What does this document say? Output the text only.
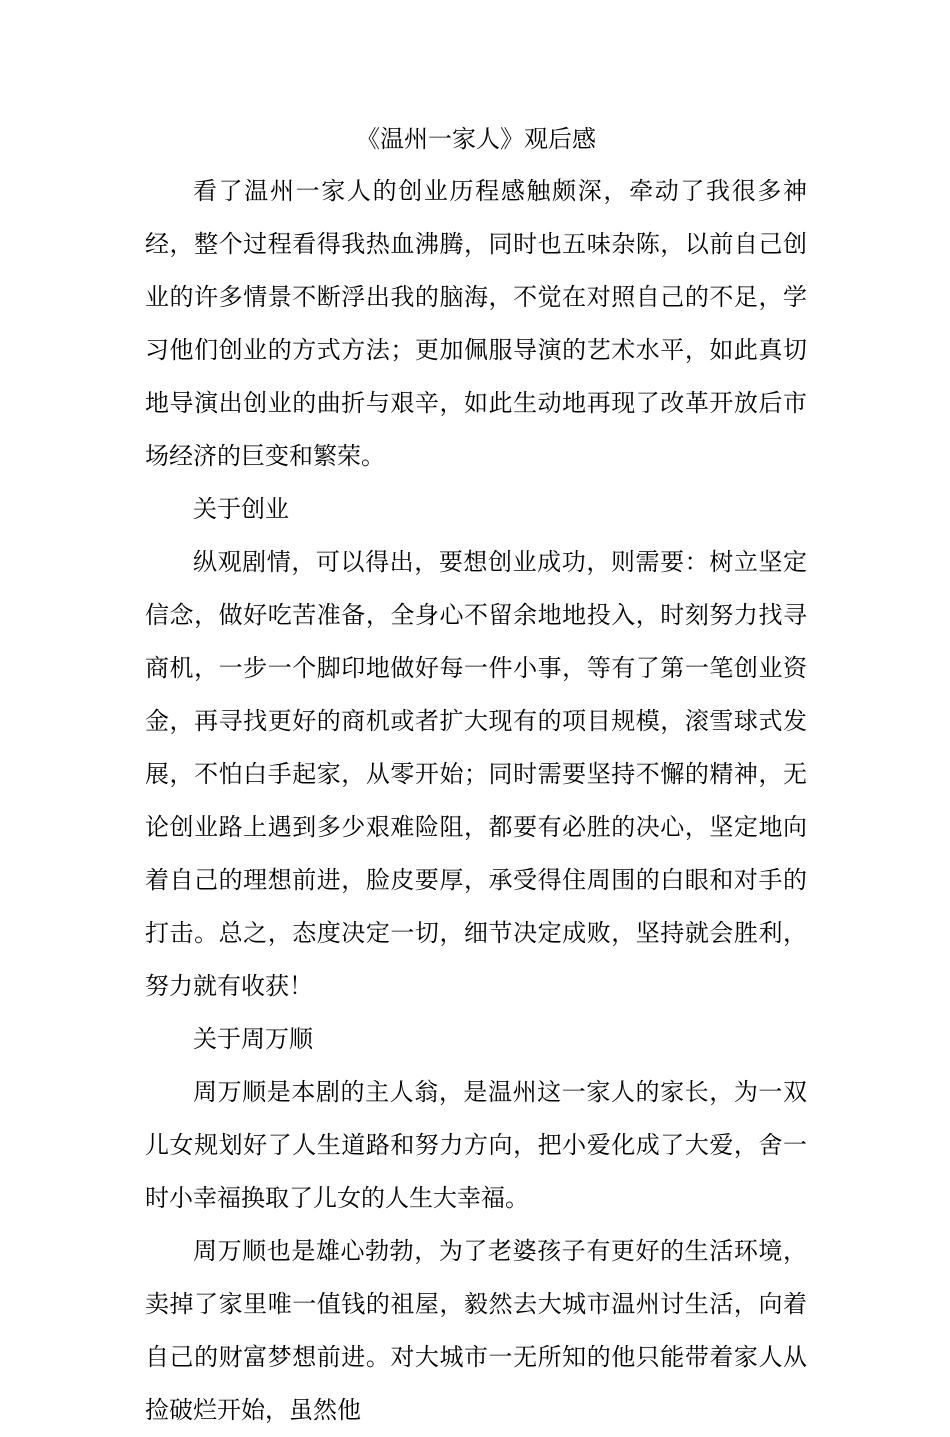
《温州一家人》观后感

看了温州一家人的创业历程感触颇深，牵动了我很多神经，整个过程看得我热血沸腾，同时也五味杂陈，以前自己创业的许多情景不断浮出我的脑海，不觉在对照自己的不足，学习他们创业的方式方法；更加佩服导演的艺术水平，如此真切地导演出创业的曲折与艰辛，如此生动地再现了改革开放后市场经济的巨变和繁荣。

关于创业

纵观剧情，可以得出，要想创业成功，则需要：树立坚定信念，做好吃苦准备，全身心不留余地地投入，时刻努力找寻商机，一步一个脚印地做好每一件小事，等有了第一笔创业资金，再寻找更好的商机或者扩大现有的项目规模，滚雪球式发展，不怕白手起家，从零开始；同时需要坚持不懈的精神，无论创业路上遇到多少艰难险阻，都要有必胜的决心，坚定地向着自己的理想前进，脸皮要厚，承受得住周围的白眼和对手的打击。总之，态度决定一切，细节决定成败，坚持就会胜利，努力就有收获！

关于周万顺

周万顺是本剧的主人翁，是温州这一家人的家长，为一双儿女规划好了人生道路和努力方向，把小爱化成了大爱，舍一时小幸福换取了儿女的人生大幸福。

周万顺也是雄心勃勃，为了老婆孩子有更好的生活环境，卖掉了家里唯一值钱的祖屋，毅然去大城市温州讨生活，向着自己的财富梦想前进。对大城市一无所知的他只能带着家人从捡破烂开始，虽然他
